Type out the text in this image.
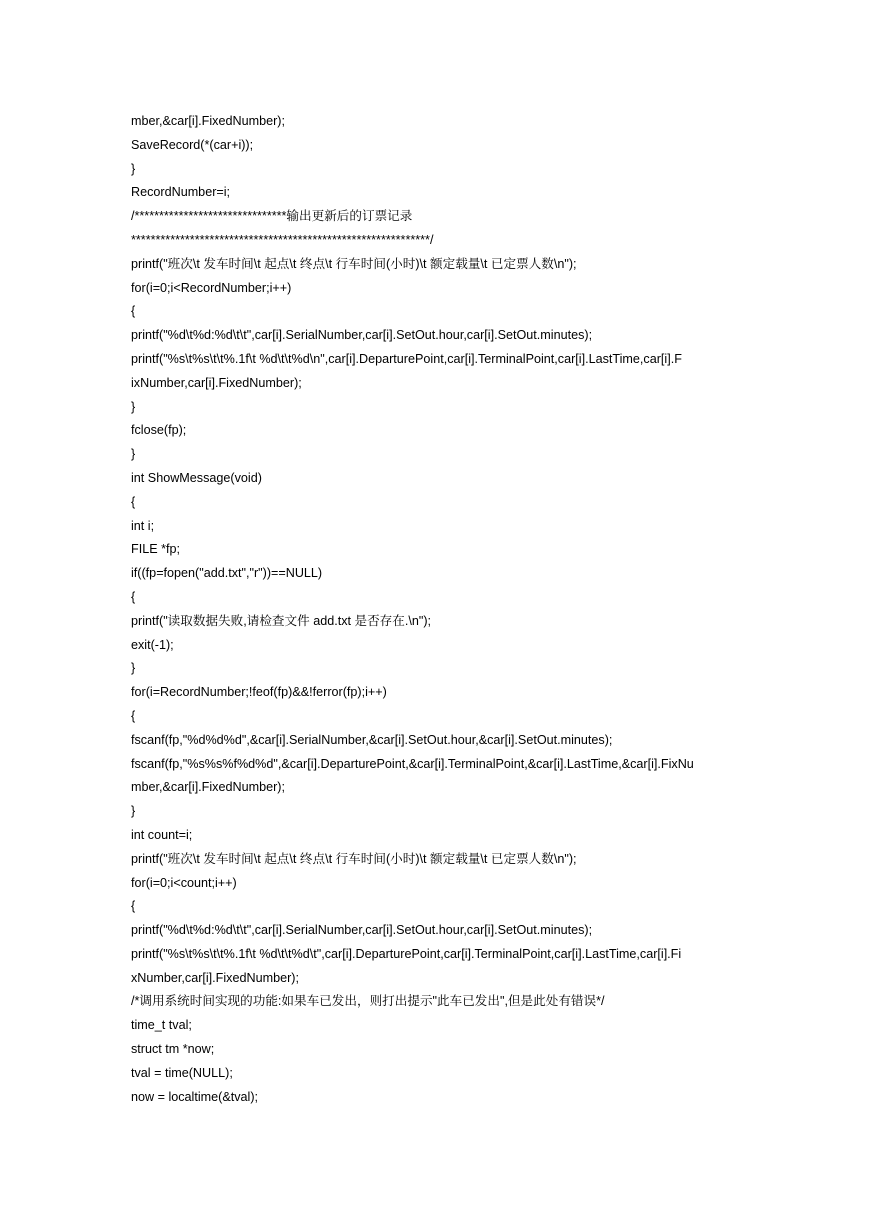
mber,&car[i].FixedNumber);
SaveRecord(*(car+i));
}
RecordNumber=i;
/*******************************输出更新后的订票记录
*************************************************************/
printf("班次\t 发车时间\t 起点\t 终点\t 行车时间(小时)\t 额定载量\t 已定票人数\n");
for(i=0;i<RecordNumber;i++)
{
printf("%d\t%d:%d\t\t",car[i].SerialNumber,car[i].SetOut.hour,car[i].SetOut.minutes);
printf("%s\t%s\t\t%.1f\t %d\t\t%d\n",car[i].DeparturePoint,car[i].TerminalPoint,car[i].LastTime,car[i].F
ixNumber,car[i].FixedNumber);
}
fclose(fp);
}
int ShowMessage(void)
{
int i;
FILE *fp;
if((fp=fopen("add.txt","r"))==NULL)
{
printf("读取数据失败,请检查文件 add.txt 是否存在.\n");
exit(-1);
}
for(i=RecordNumber;!feof(fp)&&!ferror(fp);i++)
{
fscanf(fp,"%d%d%d",&car[i].SerialNumber,&car[i].SetOut.hour,&car[i].SetOut.minutes);
fscanf(fp,"%s%s%f%d%d",&car[i].DeparturePoint,&car[i].TerminalPoint,&car[i].LastTime,&car[i].FixNu
mber,&car[i].FixedNumber);
}
int count=i;
printf("班次\t 发车时间\t 起点\t 终点\t 行车时间(小时)\t 额定载量\t 已定票人数\n");
for(i=0;i<count;i++)
{
printf("%d\t%d:%d\t\t",car[i].SerialNumber,car[i].SetOut.hour,car[i].SetOut.minutes);
printf("%s\t%s\t\t%.1f\t %d\t\t%d\t",car[i].DeparturePoint,car[i].TerminalPoint,car[i].LastTime,car[i].Fi
xNumber,car[i].FixedNumber);
/*调用系统时间实现的功能:如果车已发出，则打出提示"此车已发出",但是此处有错误*/
time_t tval;
struct tm *now;
tval = time(NULL);
now = localtime(&tval);
